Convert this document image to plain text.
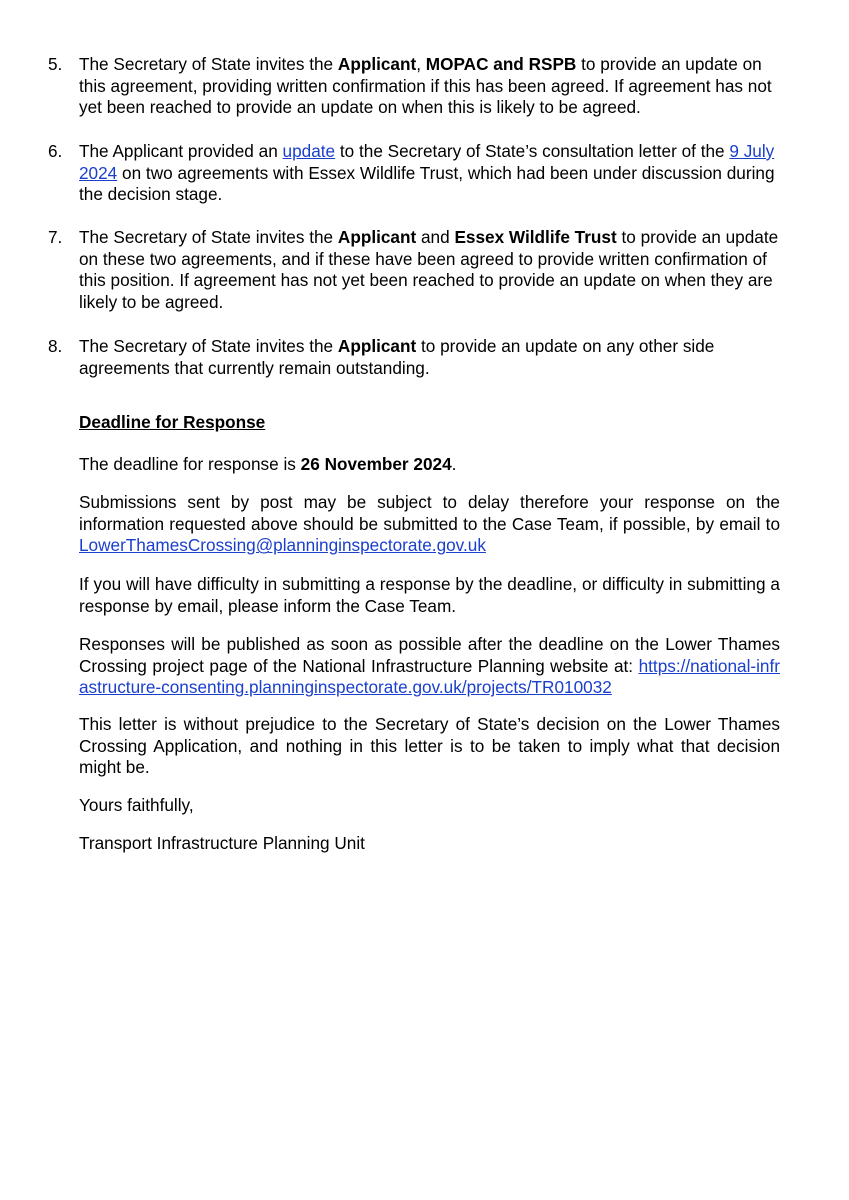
5. The Secretary of State invites the Applicant, MOPAC and RSPB to provide an update on this agreement, providing written confirmation if this has been agreed. If agreement has not yet been reached to provide an update on when this is likely to be agreed.
6. The Applicant provided an update to the Secretary of State’s consultation letter of the 9 July 2024 on two agreements with Essex Wildlife Trust, which had been under discussion during the decision stage.
7. The Secretary of State invites the Applicant and Essex Wildlife Trust to provide an update on these two agreements, and if these have been agreed to provide written confirmation of this position. If agreement has not yet been reached to provide an update on when they are likely to be agreed.
8. The Secretary of State invites the Applicant to provide an update on any other side agreements that currently remain outstanding.
Deadline for Response
The deadline for response is 26 November 2024.
Submissions sent by post may be subject to delay therefore your response on the information requested above should be submitted to the Case Team, if possible, by email to LowerThamesCrossing@planninginspectorate.gov.uk
If you will have difficulty in submitting a response by the deadline, or difficulty in submitting a response by email, please inform the Case Team.
Responses will be published as soon as possible after the deadline on the Lower Thames Crossing project page of the National Infrastructure Planning website at: https://national-infrastructure-consenting.planninginspectorate.gov.uk/projects/TR010032
This letter is without prejudice to the Secretary of State’s decision on the Lower Thames Crossing Application, and nothing in this letter is to be taken to imply what that decision might be.
Yours faithfully,
Transport Infrastructure Planning Unit
